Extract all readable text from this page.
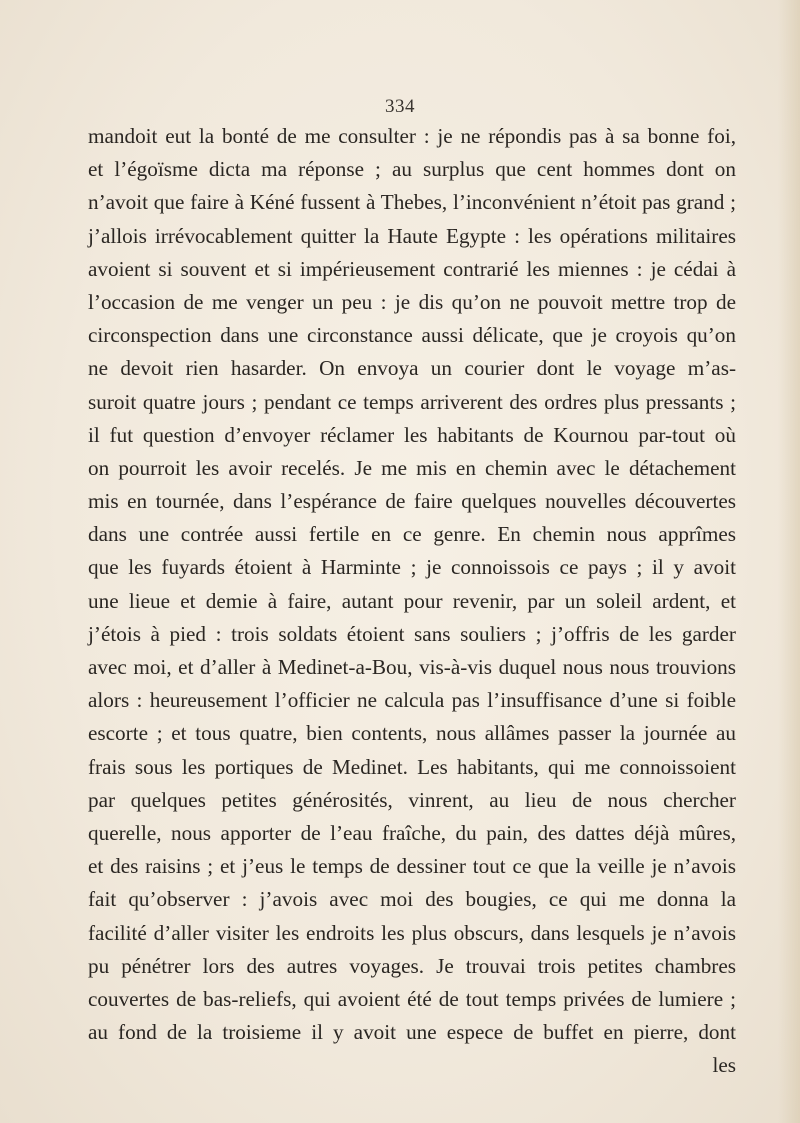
334
mandoit eut la bonté de me consulter : je ne répondis pas à sa bonne foi,
et l’égoïsme dicta ma réponse ; au surplus que cent hommes dont on
n’avoit que faire à Kéné fussent à Thebes, l’inconvénient n’étoit pas grand ;
j’allois irrévocablement quitter la Haute Egypte : les opérations militaires
avoient si souvent et si impérieusement contrarié les miennes : je cédai à
l’occasion de me venger un peu : je dis qu’on ne pouvoit mettre trop de
circonspection dans une circonstance aussi délicate, que je croyois qu’on
ne devoit rien hasarder. On envoya un courier dont le voyage m’as-
suroit quatre jours ; pendant ce temps arriverent des ordres plus pressants ;
il fut question d’envoyer réclamer les habitants de Kournou par-tout où
on pourroit les avoir recelés. Je me mis en chemin avec le détachement
mis en tournée, dans l’espérance de faire quelques nouvelles découvertes
dans une contrée aussi fertile en ce genre. En chemin nous apprîmes
que les fuyards étoient à Harminte ; je connoissois ce pays ; il y avoit
une lieue et demie à faire, autant pour revenir, par un soleil ardent, et
j’étois à pied : trois soldats étoient sans souliers ; j’offris de les garder
avec moi, et d’aller à Medinet-a-Bou, vis-à-vis duquel nous nous trouvions
alors : heureusement l’officier ne calcula pas l’insuffisance d’une si foible
escorte ; et tous quatre, bien contents, nous allâmes passer la journée au
frais sous les portiques de Medinet. Les habitants, qui me connoissoient
par quelques petites générosités, vinrent, au lieu de nous chercher
querelle, nous apporter de l’eau fraîche, du pain, des dattes déjà mûres,
et des raisins ; et j’eus le temps de dessiner tout ce que la veille je n’avois
fait qu’observer : j’avois avec moi des bougies, ce qui me donna la
facilité d’aller visiter les endroits les plus obscurs, dans lesquels je n’avois
pu pénétrer lors des autres voyages. Je trouvai trois petites chambres
couvertes de bas-reliefs, qui avoient été de tout temps privées de lumiere ;
au fond de la troisieme il y avoit une espece de buffet en pierre, dont
les
